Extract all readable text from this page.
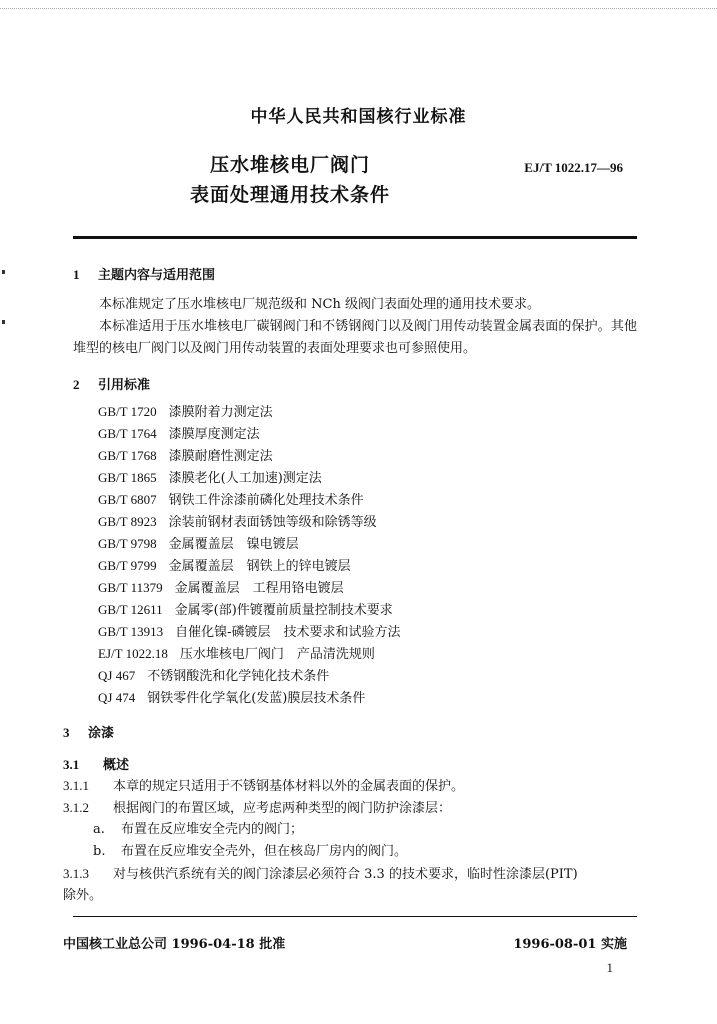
中华人民共和国核行业标准
压水堆核电厂阀门
表面处理通用技术条件
EJ/T 1022.17—96
1 主题内容与适用范围
本标准规定了压水堆核电厂规范级和 NCh 级阀门表面处理的通用技术要求。
本标准适用于压水堆核电厂碳钢阀门和不锈钢阀门以及阀门用传动装置金属表面的保护。其他堆型的核电厂阀门以及阀门用传动装置的表面处理要求也可参照使用。
2 引用标准
GB/T 1720 漆膜附着力测定法
GB/T 1764 漆膜厚度测定法
GB/T 1768 漆膜耐磨性测定法
GB/T 1865 漆膜老化(人工加速)测定法
GB/T 6807 钢铁工件涂漆前磷化处理技术条件
GB/T 8923 涂装前钢材表面锈蚀等级和除锈等级
GB/T 9798 金属覆盖层　镍电镀层
GB/T 9799 金属覆盖层　钢铁上的锌电镀层
GB/T 11379 金属覆盖层　工程用铬电镀层
GB/T 12611 金属零(部)件镀覆前质量控制技术要求
GB/T 13913 自催化镍-磷镀层　技术要求和试验方法
EJ/T 1022.18 压水堆核电厂阀门　产品清洗规则
QJ 467 不锈钢酸洗和化学钝化技术条件
QJ 474 钢铁零件化学氧化(发蓝)膜层技术条件
3 涂漆
3.1 概述
3.1.1 本章的规定只适用于不锈钢基体材料以外的金属表面的保护。
3.1.2 根据阀门的布置区域，应考虑两种类型的阀门防护涂漆层：
a. 布置在反应堆安全壳内的阀门；
b. 布置在反应堆安全壳外，但在核岛厂房内的阀门。
3.1.3 对与核供汽系统有关的阀门涂漆层必须符合 3.3 的技术要求，临时性涂漆层(PIT)
除外。
中国核工业总公司 1996-04-18 批准	1996-08-01 实施
1
